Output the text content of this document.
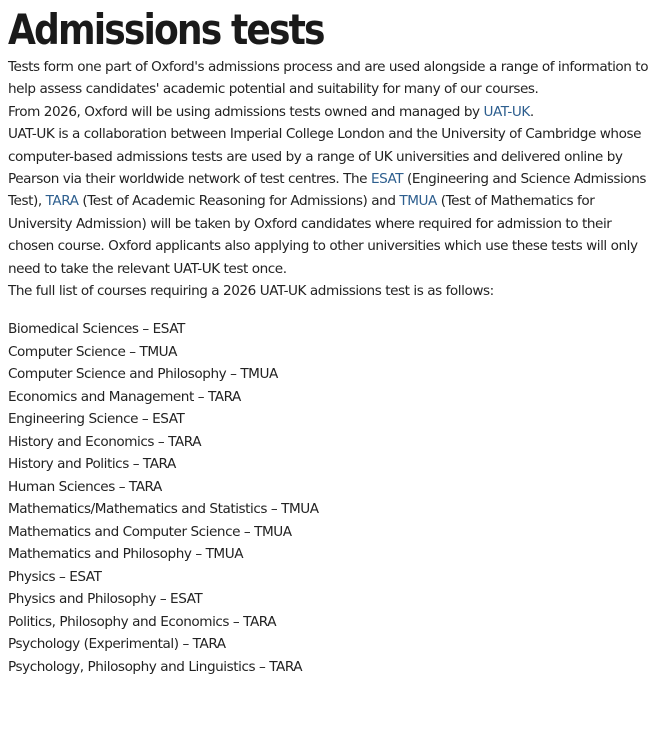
Admissions tests

Tests form one part of Oxford's admissions process and are used alongside a range of information to help assess candidates' academic potential and suitability for many of our courses.

From 2026, Oxford will be using admissions tests owned and managed by UAT-UK.

UAT-UK is a collaboration between Imperial College London and the University of Cambridge whose computer-based admissions tests are used by a range of UK universities and delivered online by Pearson via their worldwide network of test centres. The ESAT (Engineering and Science Admissions Test), TARA (Test of Academic Reasoning for Admissions) and TMUA (Test of Mathematics for University Admission) will be taken by Oxford candidates where required for admission to their chosen course. Oxford applicants also applying to other universities which use these tests will only need to take the relevant UAT-UK test once.

The full list of courses requiring a 2026 UAT-UK admissions test is as follows:

Biomedical Sciences – ESAT
Computer Science – TMUA
Computer Science and Philosophy – TMUA
Economics and Management – TARA
Engineering Science – ESAT
History and Economics – TARA
History and Politics – TARA
Human Sciences – TARA
Mathematics/Mathematics and Statistics – TMUA
Mathematics and Computer Science – TMUA
Mathematics and Philosophy – TMUA
Physics – ESAT
Physics and Philosophy – ESAT
Politics, Philosophy and Economics – TARA
Psychology (Experimental) – TARA
Psychology, Philosophy and Linguistics – TARA
